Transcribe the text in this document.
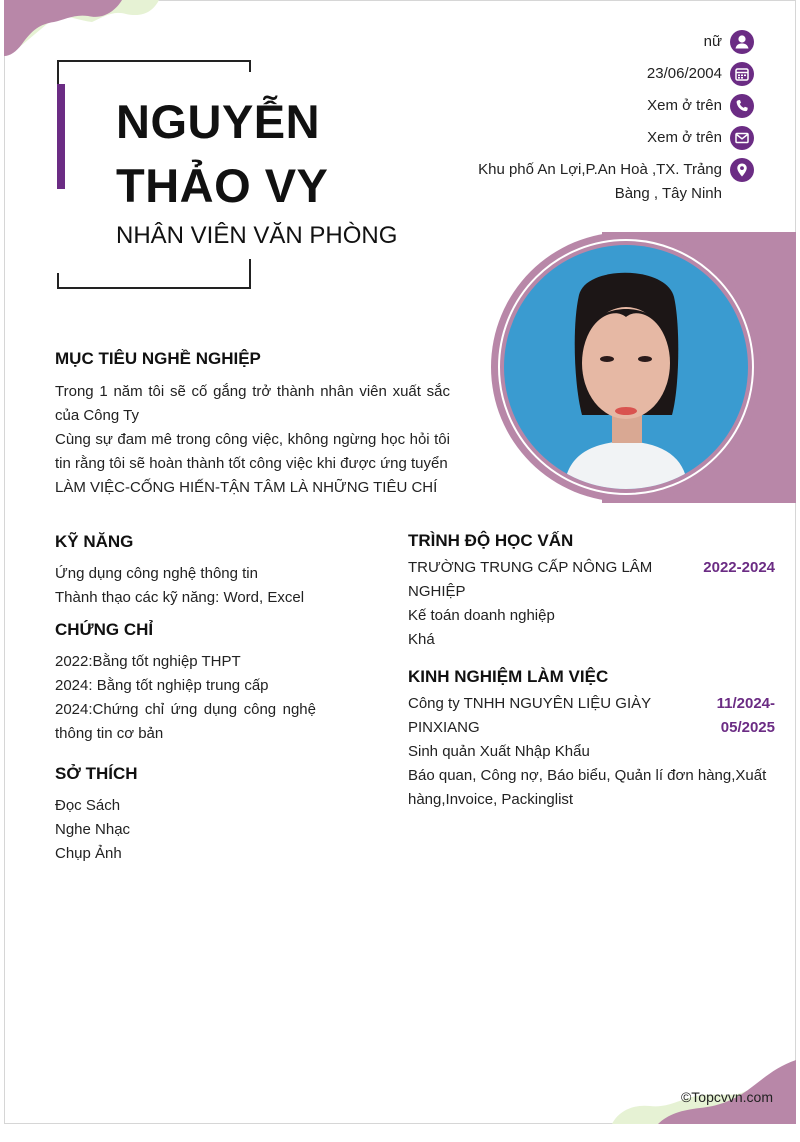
NGUYỄN
THẢO VY
NHÂN VIÊN VĂN PHÒNG
nữ
23/06/2004
Xem ở trên
Xem ở trên
Khu phố An Lợi,P.An Hoà ,TX. Trảng Bàng , Tây Ninh
MỤC TIÊU NGHỀ NGHIỆP
Trong 1 năm tôi sẽ cố gắng trở thành nhân viên xuất sắc của Công Ty
Cùng sự đam mê trong công việc, không ngừng học hỏi tôi tin rằng tôi sẽ hoàn thành tốt công việc khi được ứng tuyển
LÀM VIỆC-CỐNG HIẾN-TẬN TÂM LÀ NHỮNG TIÊU CHÍ
KỸ NĂNG
Ứng dụng công nghệ thông tin
Thành thạo các kỹ năng: Word, Excel
CHỨNG CHỈ
2022:Bằng tốt nghiệp THPT
2024: Bằng tốt nghiệp trung cấp
2024:Chứng chỉ ứng dụng công nghệ thông tin cơ bản
SỞ THÍCH
Đọc Sách
Nghe Nhạc
Chụp Ảnh
TRÌNH ĐỘ HỌC VẤN
TRƯỜNG TRUNG CẤP NÔNG LÂM NGHIỆP
2022-2024
Kế toán doanh nghiệp
Khá
KINH NGHIỆM LÀM VIỆC
Công ty TNHH NGUYÊN LIỆU GIÀY PINXIANG
11/2024-05/2025
Sinh quản Xuất Nhập Khẩu
Báo quan, Công nợ, Báo biểu, Quản lí đơn hàng,Xuất hàng,Invoice, Packinglist
©Topcvvn.com
